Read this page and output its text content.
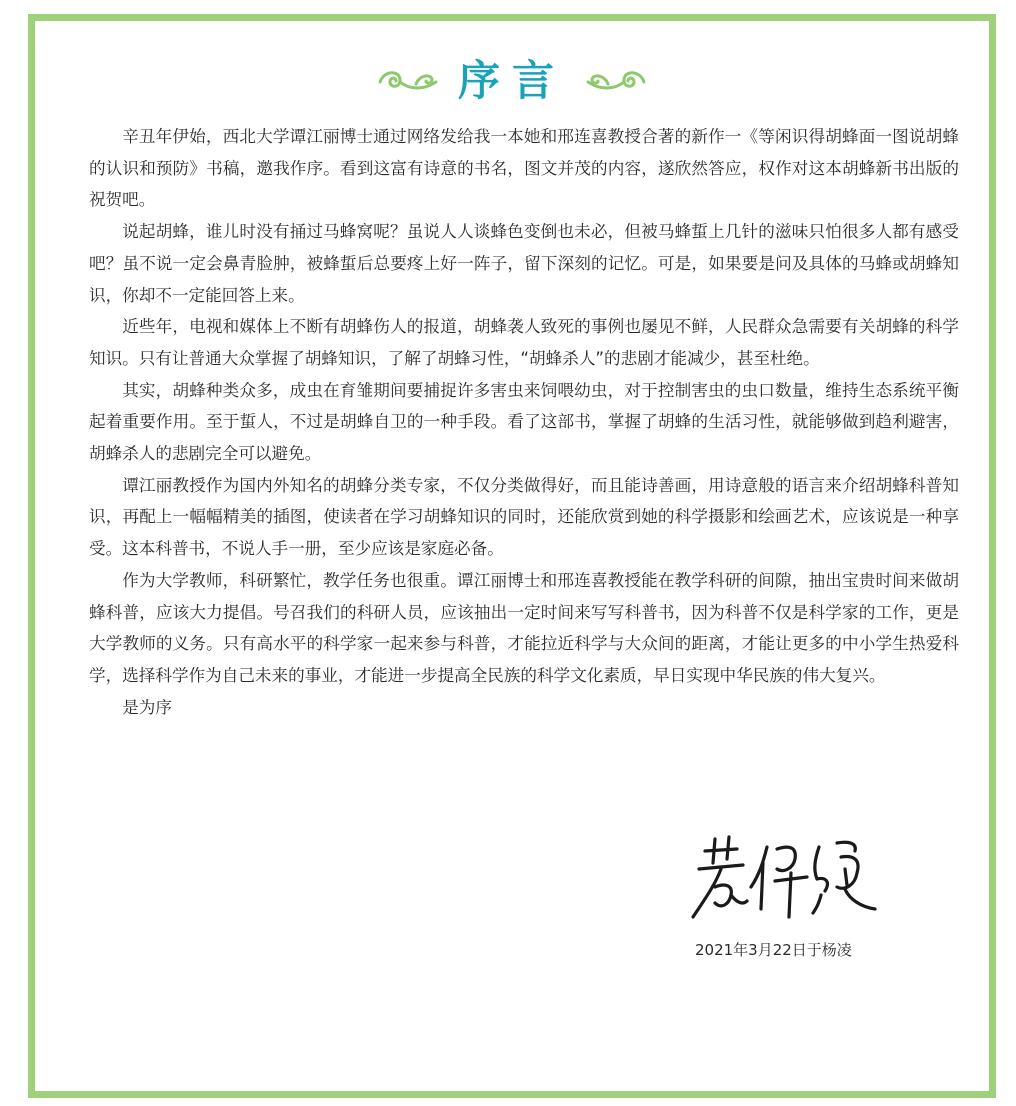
序言

辛丑年伊始，西北大学谭江丽博士通过网络发给我一本她和邢连喜教授合著的新作一《等闲识得胡蜂面一图说胡蜂的认识和预防》书稿，邀我作序。看到这富有诗意的书名，图文并茂的内容，遂欣然答应，权作对这本胡蜂新书出版的祝贺吧。

说起胡蜂，谁儿时没有捅过马蜂窝呢？虽说人人谈蜂色变倒也未必，但被马蜂蜇上几针的滋味只怕很多人都有感受吧？虽不说一定会鼻青脸肿，被蜂蜇后总要疼上好一阵子，留下深刻的记忆。可是，如果要是问及具体的马蜂或胡蜂知识，你却不一定能回答上来。

近些年，电视和媒体上不断有胡蜂伤人的报道，胡蜂袭人致死的事例也屡见不鲜，人民群众急需要有关胡蜂的科学知识。只有让普通大众掌握了胡蜂知识，了解了胡蜂习性，“胡蜂杀人”的悲剧才能减少，甚至杜绝。

其实，胡蜂种类众多，成虫在育雏期间要捕捉许多害虫来饲喂幼虫，对于控制害虫的虫口数量，维持生态系统平衡起着重要作用。至于蜇人，不过是胡蜂自卫的一种手段。看了这部书，掌握了胡蜂的生活习性，就能够做到趋利避害，胡蜂杀人的悲剧完全可以避免。

谭江丽教授作为国内外知名的胡蜂分类专家，不仅分类做得好，而且能诗善画，用诗意般的语言来介绍胡蜂科普知识，再配上一幅幅精美的插图，使读者在学习胡蜂知识的同时，还能欣赏到她的科学摄影和绘画艺术，应该说是一种享受。这本科普书，不说人手一册，至少应该是家庭必备。

作为大学教师，科研繁忙，教学任务也很重。谭江丽博士和邢连喜教授能在教学科研的间隙，抽出宝贵时间来做胡蜂科普，应该大力提倡。号召我们的科研人员，应该抽出一定时间来写写科普书，因为科普不仅是科学家的工作，更是大学教师的义务。只有高水平的科学家一起来参与科普，才能拉近科学与大众间的距离，才能让更多的中小学生热爱科学，选择科学作为自己未来的事业，才能进一步提高全民族的科学文化素质，早日实现中华民族的伟大复兴。

是为序

2021年3月22日于杨凌
